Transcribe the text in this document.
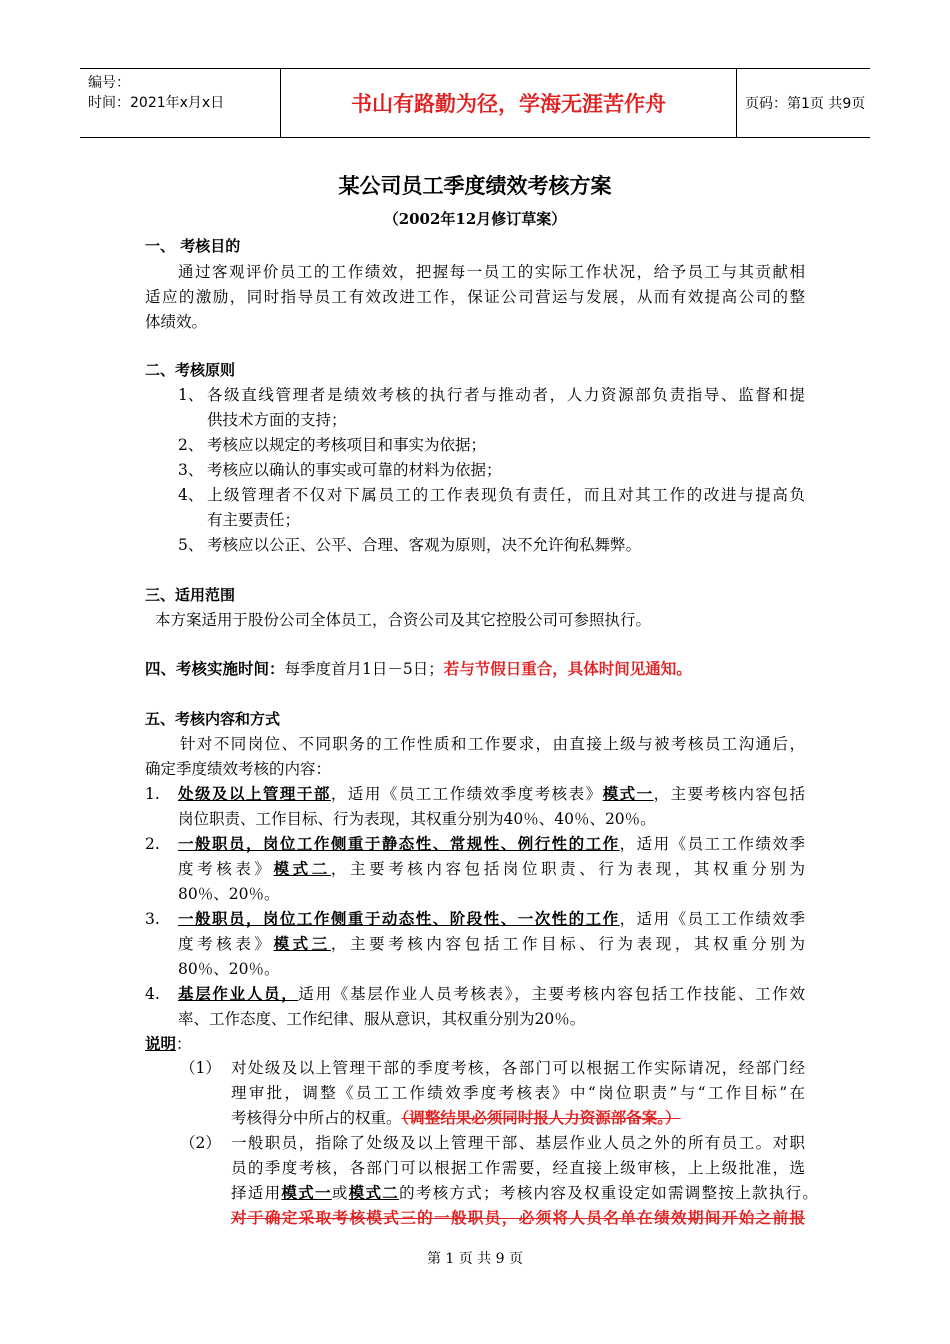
编号：
时间：2021年x月x日	书山有路勤为径，学海无涯苦作舟	页码：第1页 共9页
某公司员工季度绩效考核方案
（2002年12月修订草案）
一、 考核目的
通过客观评价员工的工作绩效，把握每一员工的实际工作状况，给予员工与其贡献相
适应的激励，同时指导员工有效改进工作，保证公司营运与发展，从而有效提高公司的整
体绩效。
二、考核原则
1、 各级直线管理者是绩效考核的执行者与推动者，人力资源部负责指导、监督和提
供技术方面的支持；
2、 考核应以规定的考核项目和事实为依据；
3、 考核应以确认的事实或可靠的材料为依据；
4、 上级管理者不仅对下属员工的工作表现负有责任，而且对其工作的改进与提高负
有主要责任；
5、 考核应以公正、公平、合理、客观为原则，决不允许徇私舞弊。
三、适用范围
本方案适用于股份公司全体员工，合资公司及其它控股公司可参照执行。
四、考核实施时间：每季度首月1日－5日；若与节假日重合，具体时间见通知。
五、考核内容和方式
针对不同岗位、不同职务的工作性质和工作要求，由直接上级与被考核员工沟通后，
确定季度绩效考核的内容：
1. 处级及以上管理干部，适用《员工工作绩效季度考核表》模式一，主要考核内容包括
岗位职责、工作目标、行为表现，其权重分别为40％、40％、20％。
2. 一般职员，岗位工作侧重于静态性、常规性、例行性的工作，适用《员工工作绩效季
度考核表》模式二，主要考核内容包括岗位职责、行为表现，其权重分别为
80％、20％。
3. 一般职员，岗位工作侧重于动态性、阶段性、一次性的工作，适用《员工工作绩效季
度考核表》模式三，主要考核内容包括工作目标、行为表现，其权重分别为
80％、20％。
4. 基层作业人员，适用《基层作业人员考核表》，主要考核内容包括工作技能、工作效
率、工作态度、工作纪律、服从意识，其权重分别为20％。
说明：
（1） 对处级及以上管理干部的季度考核，各部门可以根据工作实际请况，经部门经
理审批，调整《员工工作绩效季度考核表》中“岗位职责”与“工作目标”在
考核得分中所占的权重。（调整结果必须同时报人力资源部备案。）
（2） 一般职员，指除了处级及以上管理干部、基层作业人员之外的所有员工。对职
员的季度考核，各部门可以根据工作需要，经直接上级审核，上上级批准，选
择适用模式一或模式二的考核方式；考核内容及权重设定如需调整按上款执行。
对于确定采取考核模式三的一般职员，必须将人员名单在绩效期间开始之前报
第 1 页 共 9 页
